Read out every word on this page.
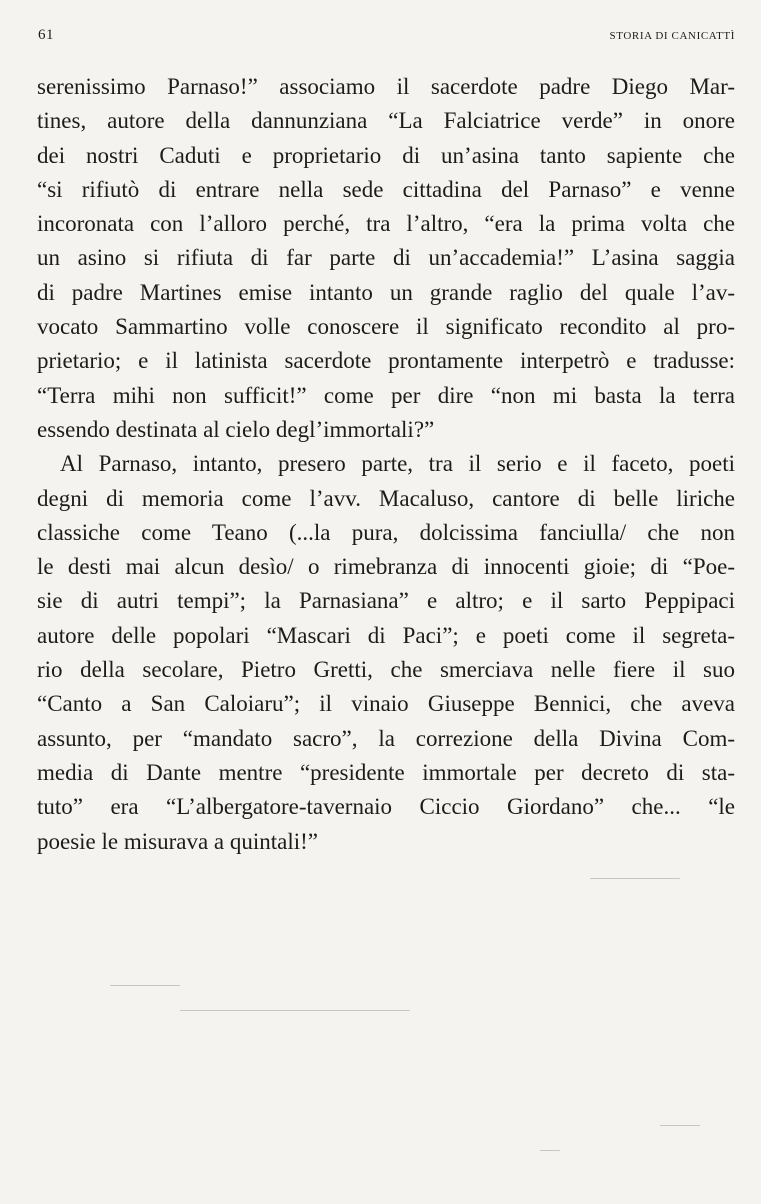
61	STORIA DI CANICATTÌ
serenissimo Parnaso!” associamo il sacerdote padre Diego Mar-
tines, autore della dannunziana “La Falciatrice verde” in onore
dei nostri Caduti e proprietario di un’asina tanto sapiente che
“si rifiutò di entrare nella sede cittadina del Parnaso” e venne
incoronata con l’alloro perché, tra l’altro, “era la prima volta che
un asino si rifiuta di far parte di un’accademia!” L’asina saggia
di padre Martines emise intanto un grande raglio del quale l’av-
vocato Sammartino volle conoscere il significato recondito al pro-
prietario; e il latinista sacerdote prontamente interpetrò e tradusse:
“Terra mihi non sufficit!” come per dire “non mi basta la terra
essendo destinata al cielo degl’immortali?”
Al Parnaso, intanto, presero parte, tra il serio e il faceto, poeti
degni di memoria come l’avv. Macaluso, cantore di belle liriche
classiche come Teano (...la pura, dolcissima fanciulla/ che non
le desti mai alcun desìo/ o rimebranza di innocenti gioie; di “Poe-
sie di autri tempi”; la Parnasiana” e altro; e il sarto Peppipaci
autore delle popolari “Mascari di Paci”; e poeti come il segreta-
rio della secolare, Pietro Gretti, che smerciava nelle fiere il suo
“Canto a San Caloiaru”; il vinaio Giuseppe Bennici, che aveva
assunto, per “mandato sacro”, la correzione della Divina Com-
media di Dante mentre “presidente immortale per decreto di sta-
tuto” era “L’albergatore-tavernaio Ciccio Giordano” che... “le
poesie le misurava a quintali!”
